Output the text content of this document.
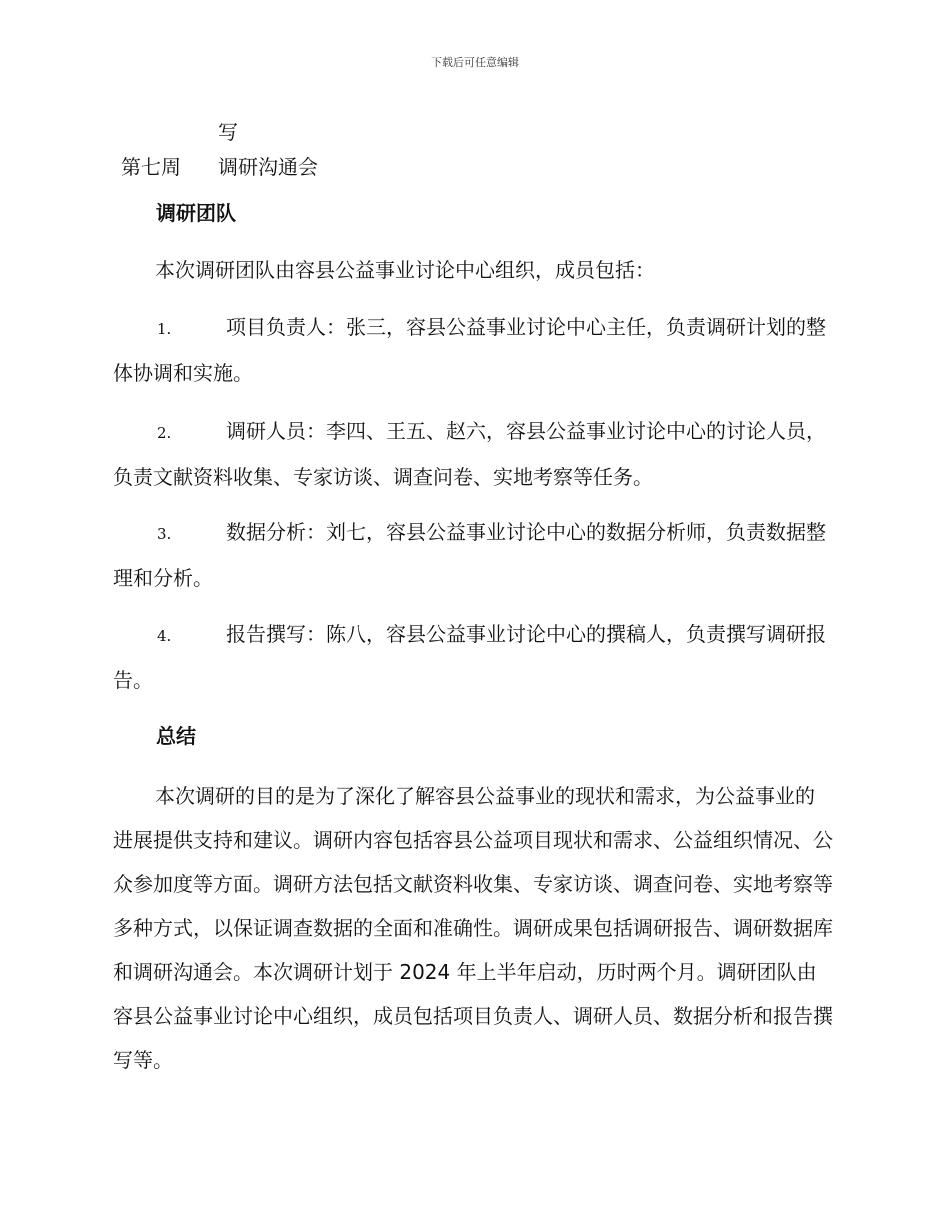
下载后可任意编辑
写
第七周 调研沟通会
调研团队

本次调研团队由容县公益事业讨论中心组织，成员包括：

1.	项目负责人：张三，容县公益事业讨论中心主任，负责调研计划的整体协调和实施。

2.	调研人员：李四、王五、赵六，容县公益事业讨论中心的讨论人员，负责文献资料收集、专家访谈、调查问卷、实地考察等任务。

3.	数据分析：刘七，容县公益事业讨论中心的数据分析师，负责数据整理和分析。

4.	报告撰写：陈八，容县公益事业讨论中心的撰稿人，负责撰写调研报告。

总结

本次调研的目的是为了深化了解容县公益事业的现状和需求，为公益事业的进展提供支持和建议。调研内容包括容县公益项目现状和需求、公益组织情况、公众参加度等方面。调研方法包括文献资料收集、专家访谈、调查问卷、实地考察等多种方式，以保证调查数据的全面和准确性。调研成果包括调研报告、调研数据库和调研沟通会。本次调研计划于 2024 年上半年启动，历时两个月。调研团队由容县公益事业讨论中心组织，成员包括项目负责人、调研人员、数据分析和报告撰写等。
